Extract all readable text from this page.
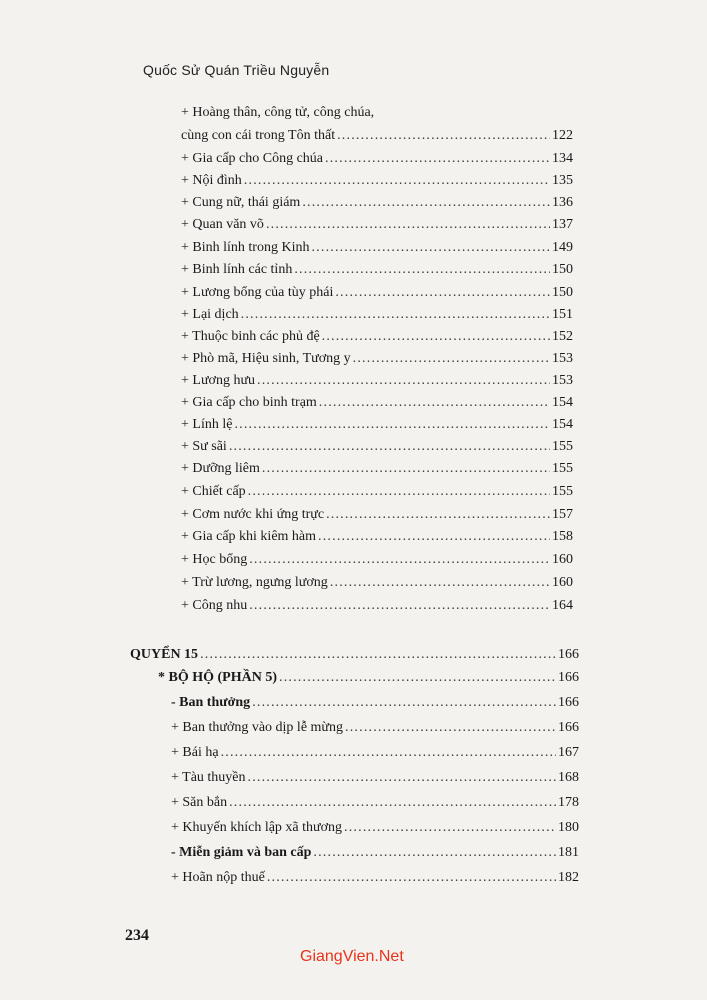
Quốc Sử Quán Triều Nguyễn
+ Hoàng thân, công tử, công chúa,
cùng con cái trong Tôn thất .....	122
+ Gia cấp cho Công chúa .....	134
+ Nội đình .....	135
+ Cung nữ, thái giám .....	136
+ Quan văn võ .....	137
+ Binh lính trong Kinh .....	149
+ Binh lính các tỉnh .....	150
+ Lương bổng của tùy phái .....	150
+ Lại dịch .....	151
+ Thuộc binh các phủ đệ .....	152
+ Phò mã, Hiệu sinh, Tương y .....	153
+ Lương hưu .....	153
+ Gia cấp cho binh trạm .....	154
+ Lính lệ .....	154
+ Sư sãi .....	155
+ Dưỡng liêm .....	155
+ Chiết cấp .....	155
+ Cơm nước khi ứng trực .....	157
+ Gia cấp khi kiêm hàm .....	158
+ Học bổng .....	160
+ Trừ lương, ngưng lương .....	160
+ Công nhu .....	164
QUYỂN 15 .....	166
* BỘ HỘ (PHẦN 5) .....	166
- Ban thưởng .....	166
+ Ban thưởng vào dịp lễ mừng .....	166
+ Bái hạ .....	167
+ Tàu thuyền .....	168
+ Săn bắn .....	178
+ Khuyến khích lập xã thương .....	180
- Miễn giảm và ban cấp .....	181
+ Hoãn nộp thuế .....	182
234
GiangVien.Net
